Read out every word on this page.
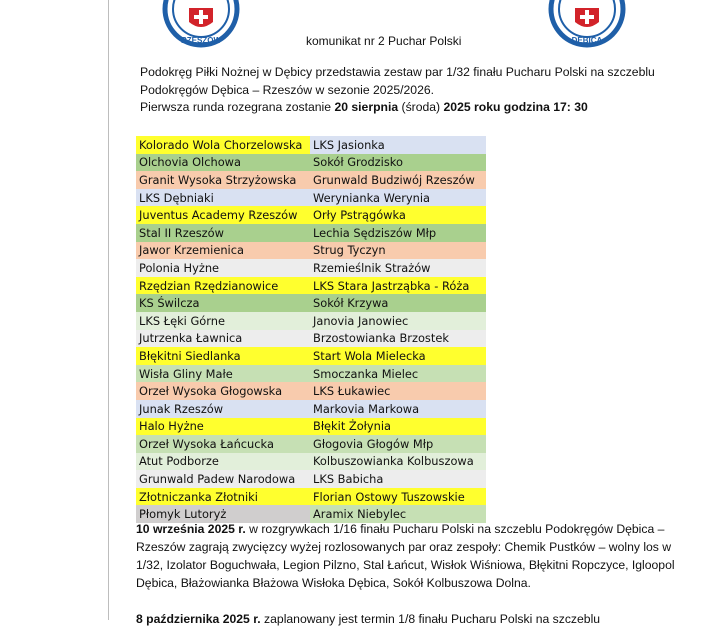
RZESZÓW	DĘBICA
komunikat nr 2 Puchar Polski

Podokręg Piłki Nożnej w Dębicy przedstawia zestaw par 1/32 finału Pucharu Polski na szczeblu Podokręgów Dębica – Rzeszów w sezonie 2025/2026.

Pierwsza runda rozegrana zostanie 20 sierpnia (środa) 2025 roku godzina 17: 30

Kolorado Wola Chorzelowska	LKS Jasionka
Olchovia Olchowa	Sokół Grodzisko
Granit Wysoka Strzyżowska	Grunwald Budziwój Rzeszów
LKS Dębniaki	Werynianka Werynia
Juventus Academy Rzeszów	Orły Pstrągówka
Stal II Rzeszów	Lechia Sędziszów Młp
Jawor Krzemienica	Strug Tyczyn
Polonia Hyżne	Rzemieślnik Strażów
Rzędzian Rzędzianowice	LKS Stara Jastrząbka - Róża
KS Świlcza	Sokół Krzywa
LKS Łęki Górne	Janovia Janowiec
Jutrzenka Ławnica	Brzostowianka Brzostek
Błękitni Siedlanka	Start Wola Mielecka
Wisła Gliny Małe	Smoczanka Mielec
Orzeł Wysoka Głogowska	LKS Łukawiec
Junak Rzeszów	Markovia Markowa
Halo Hyżne	Błękit Żołynia
Orzeł Wysoka Łańcucka	Głogovia Głogów Młp
Atut Podborze	Kolbuszowianka Kolbuszowa
Grunwald Padew Narodowa	LKS Babicha
Złotniczanka Złotniki	Florian Ostowy Tuszowskie
Płomyk Lutoryż	Aramix Niebylec

10 września 2025 r. w rozgrywkach 1/16 finału Pucharu Polski na szczeblu Podokręgów Dębica – Rzeszów zagrają zwycięzcy wyżej rozlosowanych par oraz zespoły: Chemik Pustków – wolny los w 1/32, Izolator Boguchwała, Legion Pilzno, Stal Łańcut, Wisłok Wiśniowa, Błękitni Ropczyce, Igloopol Dębica, Błażowianka Błażowa Wisłoka Dębica, Sokół Kolbuszowa Dolna.

8 października 2025 r. zaplanowany jest termin 1/8 finału Pucharu Polski na szczeblu
